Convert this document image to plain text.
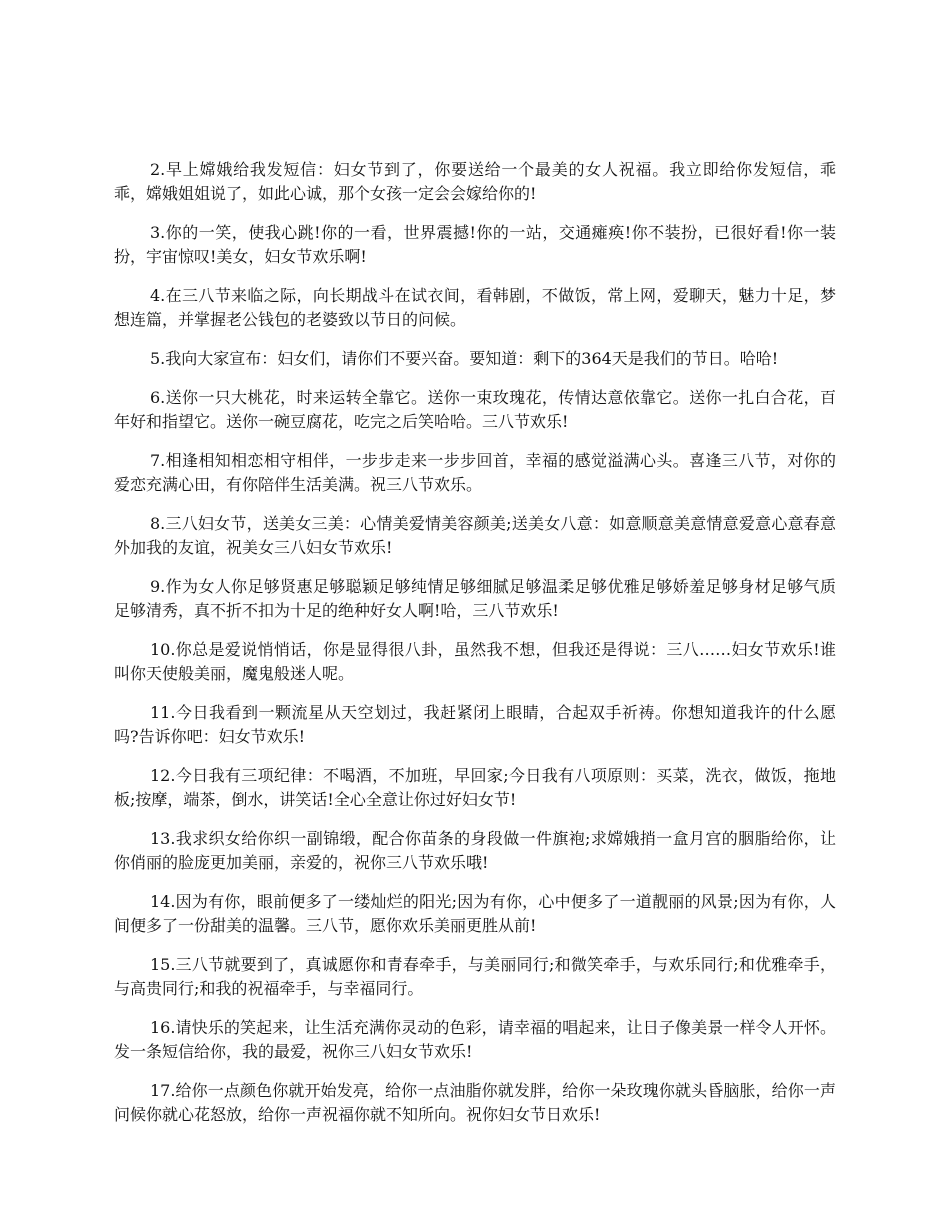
2.早上嫦娥给我发短信：妇女节到了，你要送给一个最美的女人祝福。我立即给你发短信，乖乖，嫦娥姐姐说了，如此心诚，那个女孩一定会会嫁给你的!

3.你的一笑，使我心跳!你的一看，世界震撼!你的一站，交通瘫痪!你不装扮，已很好看!你一装扮，宇宙惊叹!美女，妇女节欢乐啊!

4.在三八节来临之际，向长期战斗在试衣间，看韩剧，不做饭，常上网，爱聊天，魅力十足，梦想连篇，并掌握老公钱包的老婆致以节日的问候。

5.我向大家宣布：妇女们，请你们不要兴奋。要知道：剩下的364天是我们的节日。哈哈!

6.送你一只大桃花，时来运转全靠它。送你一束玫瑰花，传情达意依靠它。送你一扎白合花，百年好和指望它。送你一碗豆腐花，吃完之后笑哈哈。三八节欢乐!

7.相逢相知相恋相守相伴，一步步走来一步步回首，幸福的感觉溢满心头。喜逢三八节，对你的爱恋充满心田，有你陪伴生活美满。祝三八节欢乐。

8.三八妇女节，送美女三美：心情美爱情美容颜美;送美女八意：如意顺意美意情意爱意心意春意外加我的友谊，祝美女三八妇女节欢乐!

9.作为女人你足够贤惠足够聪颖足够纯情足够细腻足够温柔足够优雅足够娇羞足够身材足够气质足够清秀，真不折不扣为十足的绝种好女人啊!哈，三八节欢乐!

10.你总是爱说悄悄话，你是显得很八卦，虽然我不想，但我还是得说：三八……妇女节欢乐!谁叫你天使般美丽，魔鬼般迷人呢。

11.今日我看到一颗流星从天空划过，我赶紧闭上眼睛，合起双手祈祷。你想知道我许的什么愿吗?告诉你吧：妇女节欢乐!

12.今日我有三项纪律：不喝酒，不加班，早回家;今日我有八项原则：买菜，洗衣，做饭，拖地板;按摩，端茶，倒水，讲笑话!全心全意让你过好妇女节!

13.我求织女给你织一副锦缎，配合你苗条的身段做一件旗袍;求嫦娥捎一盒月宫的胭脂给你，让你俏丽的脸庞更加美丽，亲爱的，祝你三八节欢乐哦!

14.因为有你，眼前便多了一缕灿烂的阳光;因为有你，心中便多了一道靓丽的风景;因为有你，人间便多了一份甜美的温馨。三八节，愿你欢乐美丽更胜从前!

15.三八节就要到了，真诚愿你和青春牵手，与美丽同行;和微笑牵手，与欢乐同行;和优雅牵手，与高贵同行;和我的祝福牵手，与幸福同行。

16.请快乐的笑起来，让生活充满你灵动的色彩，请幸福的唱起来，让日子像美景一样令人开怀。发一条短信给你，我的最爱，祝你三八妇女节欢乐!

17.给你一点颜色你就开始发亮，给你一点油脂你就发胖，给你一朵玫瑰你就头昏脑胀，给你一声问候你就心花怒放，给你一声祝福你就不知所向。祝你妇女节日欢乐!
